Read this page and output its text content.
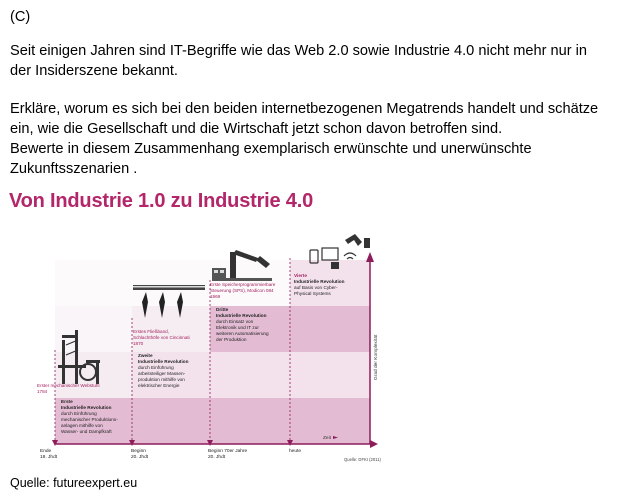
(C)

Seit einigen Jahren sind IT-Begriffe wie das Web 2.0 sowie Industrie 4.0 nicht mehr nur in der Insiderszene bekannt.

Erkläre, worum es sich bei den beiden internetbezogenen Megatrends handelt und schätze ein, wie die Gesellschaft und die Wirtschaft jetzt schon davon betroffen sind.
Bewerte in diesem Zusammenhang exemplarisch erwünschte und unerwünschte Zukunftsszenarien .
Von Industrie 1.0 zu Industrie 4.0
Erster mechanischer Webstuhl 1784
Erstes Fließband, Schlachthöfe von Cincinnati 1870
Erste Speicherprogrammierbare Steuerung (SPS), Modicon 084 1969
Erste Industrielle Revolution durch Einführung mechanischer Produktions- anlagen mithilfe von Wasser- und Dampfkraft
Zweite Industrielle Revolution durch Einführung arbeitsteiliger Massen- produktion mithilfe von elektrischer Energie
Dritte Industrielle Revolution durch Einsatz von Elektronik und IT zur weiteren Automatisierung der Produktion
Vierte Industrielle Revolution auf Basis von Cyber- Physical Systems
Grad der Komplexität
Zeit
Ende 18. Jhdt
Beginn 20. Jhdt
Beginn 70er Jahre 20. Jhdt
heute
Quelle: DFKI (2011)
Quelle: futureexpert.eu
